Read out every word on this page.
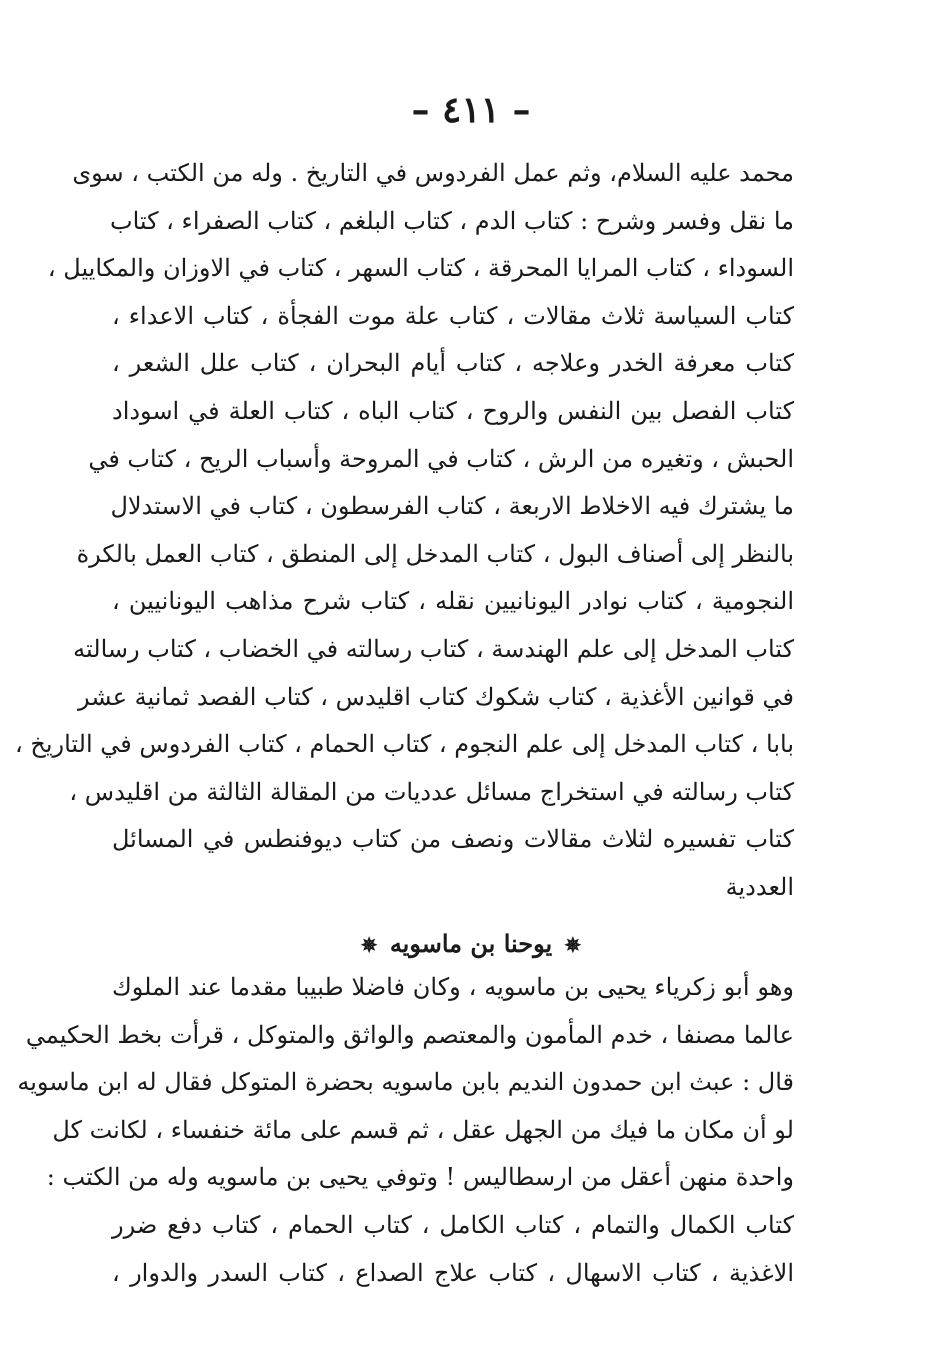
– ٤١١ –
محمد عليه السلام، وثم عمل الفردوس في التاريخ . وله من الكتب ، سوى
ما نقل وفسر وشرح : كتاب الدم ، كتاب البلغم ، كتاب الصفراء ، كتاب
السوداء ، كتاب المرايا المحرقة ، كتاب السهر ، كتاب في الاوزان والمكاييل ،
كتاب السياسة ثلاث مقالات ، كتاب علة موت الفجأة ، كتاب الاعداء ،
كتاب معرفة الخدر وعلاجه ، كتاب أيام البحران ، كتاب علل الشعر ،
كتاب الفصل بين النفس والروح ، كتاب الباه ، كتاب العلة في اسوداد
الحبش ، وتغيره من الرش ، كتاب في المروحة وأسباب الريح ، كتاب في
ما يشترك فيه الاخلاط الاربعة ، كتاب الفرسطون ، كتاب في الاستدلال
بالنظر إلى أصناف البول ، كتاب المدخل إلى المنطق ، كتاب العمل بالكرة
النجومية ، كتاب نوادر اليونانيين نقله ، كتاب شرح مذاهب اليونانيين ،
كتاب المدخل إلى علم الهندسة ، كتاب رسالته في الخضاب ، كتاب رسالته
في قوانين الأغذية ، كتاب شكوك كتاب اقليدس ، كتاب الفصد ثمانية عشر
بابا ، كتاب المدخل إلى علم النجوم ، كتاب الحمام ، كتاب الفردوس في التاريخ ،
كتاب رسالته في استخراج مسائل عدديات من المقالة الثالثة من اقليدس ،
كتاب تفسيره لثلاث مقالات ونصف من كتاب ديوفنطس في المسائل
العددية
✵ يوحنا بن ماسويه ✵
وهو أبو زكرياء يحيى بن ماسويه ، وكان فاضلا طبيبا مقدما عند الملوك
عالما مصنفا ، خدم المأمون والمعتصم والواثق والمتوكل ، قرأت بخط الحكيمي
قال : عبث ابن حمدون النديم بابن ماسويه بحضرة المتوكل فقال له ابن ماسويه
لو أن مكان ما فيك من الجهل عقل ، ثم قسم على مائة خنفساء ، لكانت كل
واحدة منهن أعقل من ارسطاليس ! وتوفي يحيى بن ماسويه وله من الكتب :
كتاب الكمال والتمام ، كتاب الكامل ، كتاب الحمام ، كتاب دفع ضرر
الاغذية ، كتاب الاسهال ، كتاب علاج الصداع ، كتاب السدر والدوار ،
